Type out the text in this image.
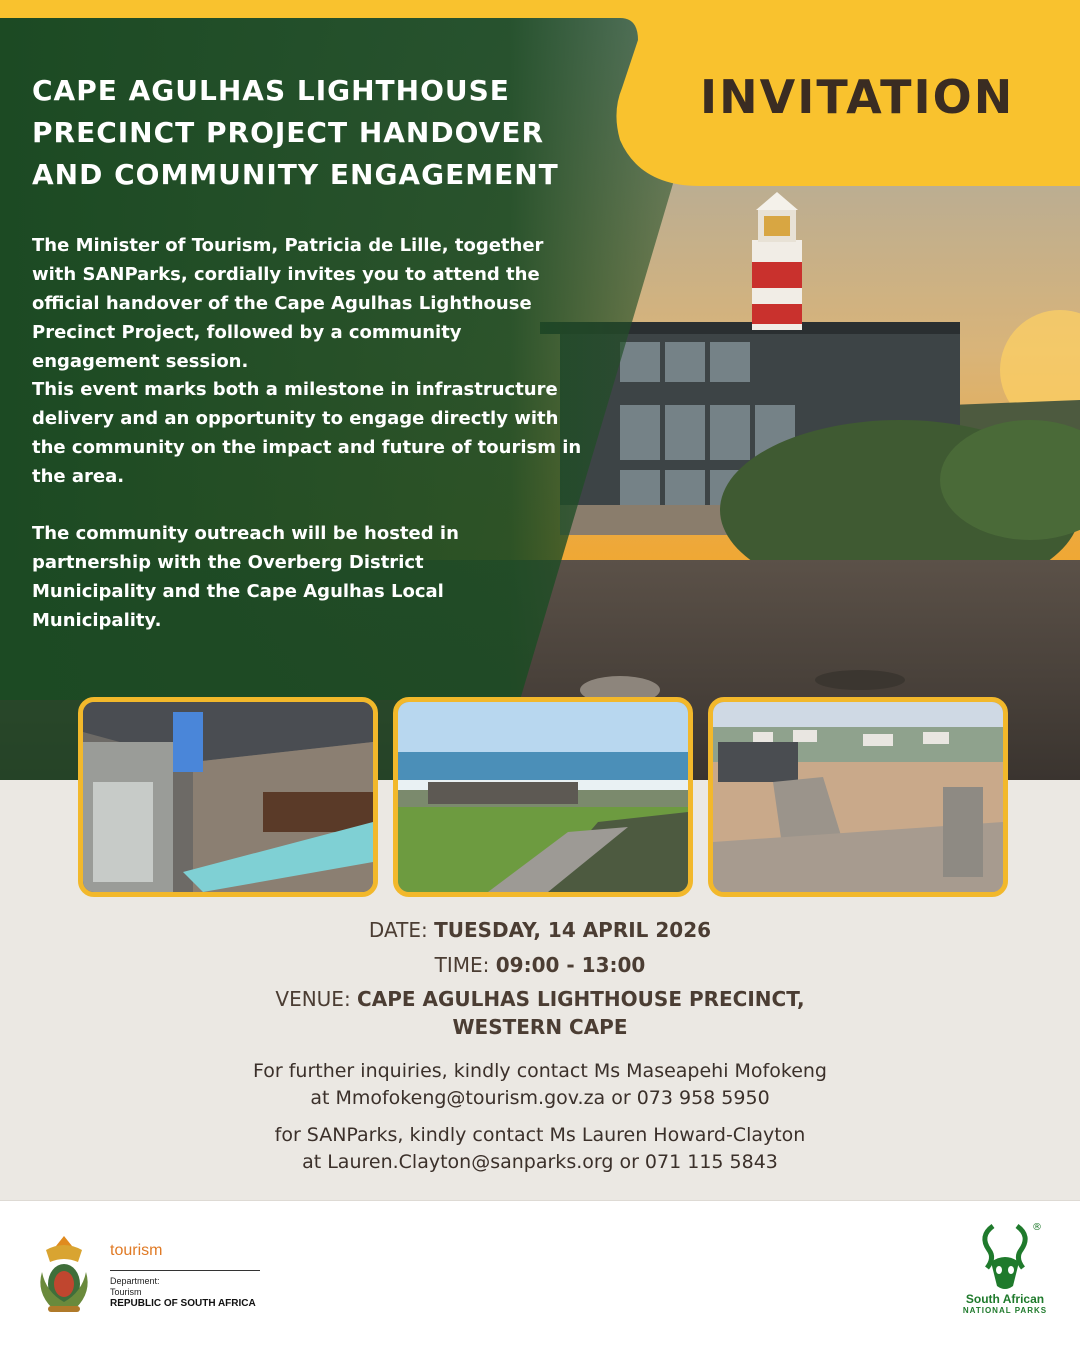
CAPE AGULHAS LIGHTHOUSE
PRECINCT PROJECT HANDOVER
AND COMMUNITY ENGAGEMENT
INVITATION

The Minister of Tourism, Patricia de Lille, together with SANParks, cordially invites you to attend the official handover of the Cape Agulhas Lighthouse Precinct Project, followed by a community engagement session.

This event marks both a milestone in infrastructure delivery and an opportunity to engage directly with the community on the impact and future of tourism in the area.

The community outreach will be hosted in partnership with the Overberg District Municipality and the Cape Agulhas Local Municipality.

DATE: TUESDAY, 14 APRIL 2026

TIME: 09:00 - 13:00

VENUE: CAPE AGULHAS LIGHTHOUSE PRECINCT,
WESTERN CAPE

For further inquiries, kindly contact Ms Maseapehi Mofokeng
at Mmofokeng@tourism.gov.za or 073 958 5950

for SANParks, kindly contact Ms Lauren Howard-Clayton
at Lauren.Clayton@sanparks.org or 071 115 5843

tourism
Department:
Tourism
REPUBLIC OF SOUTH AFRICA
®
South African
NATIONAL PARKS
